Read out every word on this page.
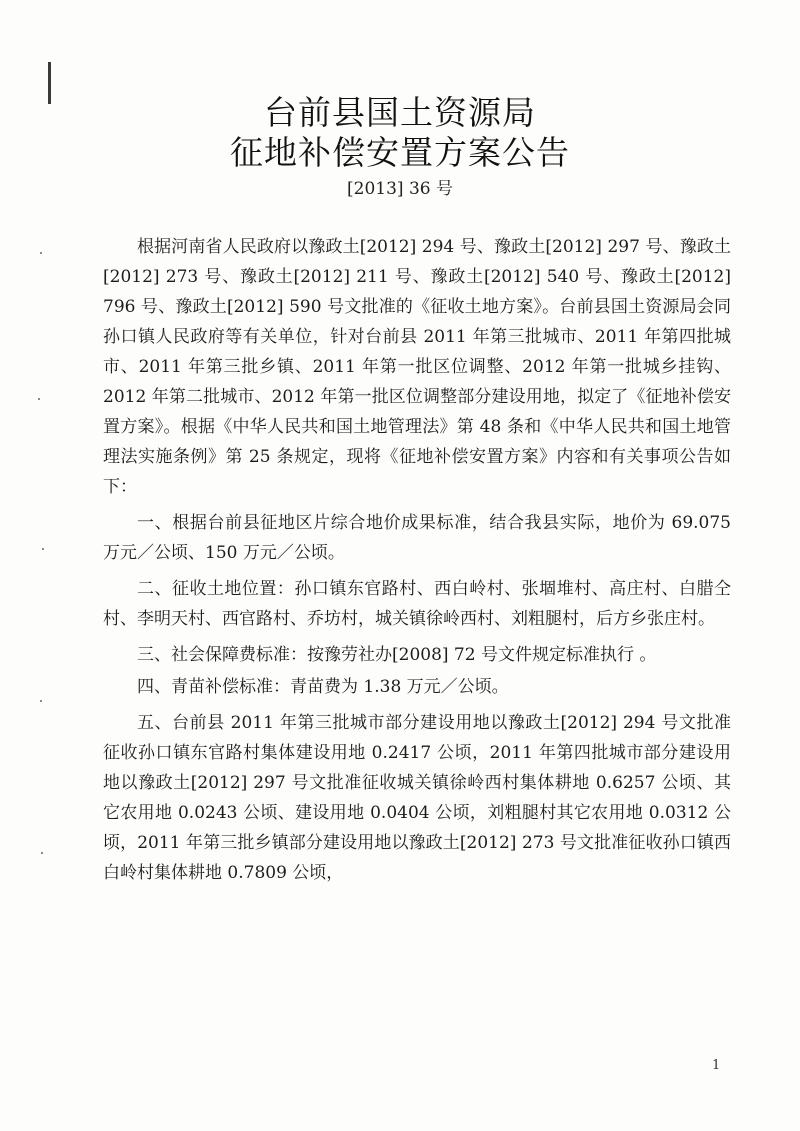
台前县国土资源局
征地补偿安置方案公告
[2013] 36 号

根据河南省人民政府以豫政土[2012] 294 号、豫政土[2012] 297 号、豫政土[2012] 273 号、豫政土[2012] 211 号、豫政土[2012] 540 号、豫政土[2012] 796 号、豫政土[2012] 590 号文批准的《征收土地方案》。台前县国土资源局会同孙口镇人民政府等有关单位，针对台前县 2011 年第三批城市、2011 年第四批城市、2011 年第三批乡镇、2011 年第一批区位调整、2012 年第一批城乡挂钩、2012 年第二批城市、2012 年第一批区位调整部分建设用地，拟定了《征地补偿安置方案》。根据《中华人民共和国土地管理法》第 48 条和《中华人民共和国土地管理法实施条例》第 25 条规定，现将《征地补偿安置方案》内容和有关事项公告如下：

一、根据台前县征地区片综合地价成果标准，结合我县实际，地价为 69.075 万元／公顷、150 万元／公顷。

二、征收土地位置：孙口镇东官路村、西白岭村、张堌堆村、高庄村、白腊仝村、李明天村、西官路村、乔坊村，城关镇徐岭西村、刘粗腿村，后方乡张庄村。

三、社会保障费标准：按豫劳社办[2008] 72 号文件规定标准执行 。

四、青苗补偿标准：青苗费为 1.38 万元／公顷。

五、台前县 2011 年第三批城市部分建设用地以豫政土[2012] 294 号文批准征收孙口镇东官路村集体建设用地 0.2417 公顷，2011 年第四批城市部分建设用地以豫政土[2012] 297 号文批准征收城关镇徐岭西村集体耕地 0.6257 公顷、其它农用地 0.0243 公顷、建设用地 0.0404 公顷，刘粗腿村其它农用地 0.0312 公顷，2011 年第三批乡镇部分建设用地以豫政土[2012] 273 号文批准征收孙口镇西白岭村集体耕地 0.7809 公顷，

1
